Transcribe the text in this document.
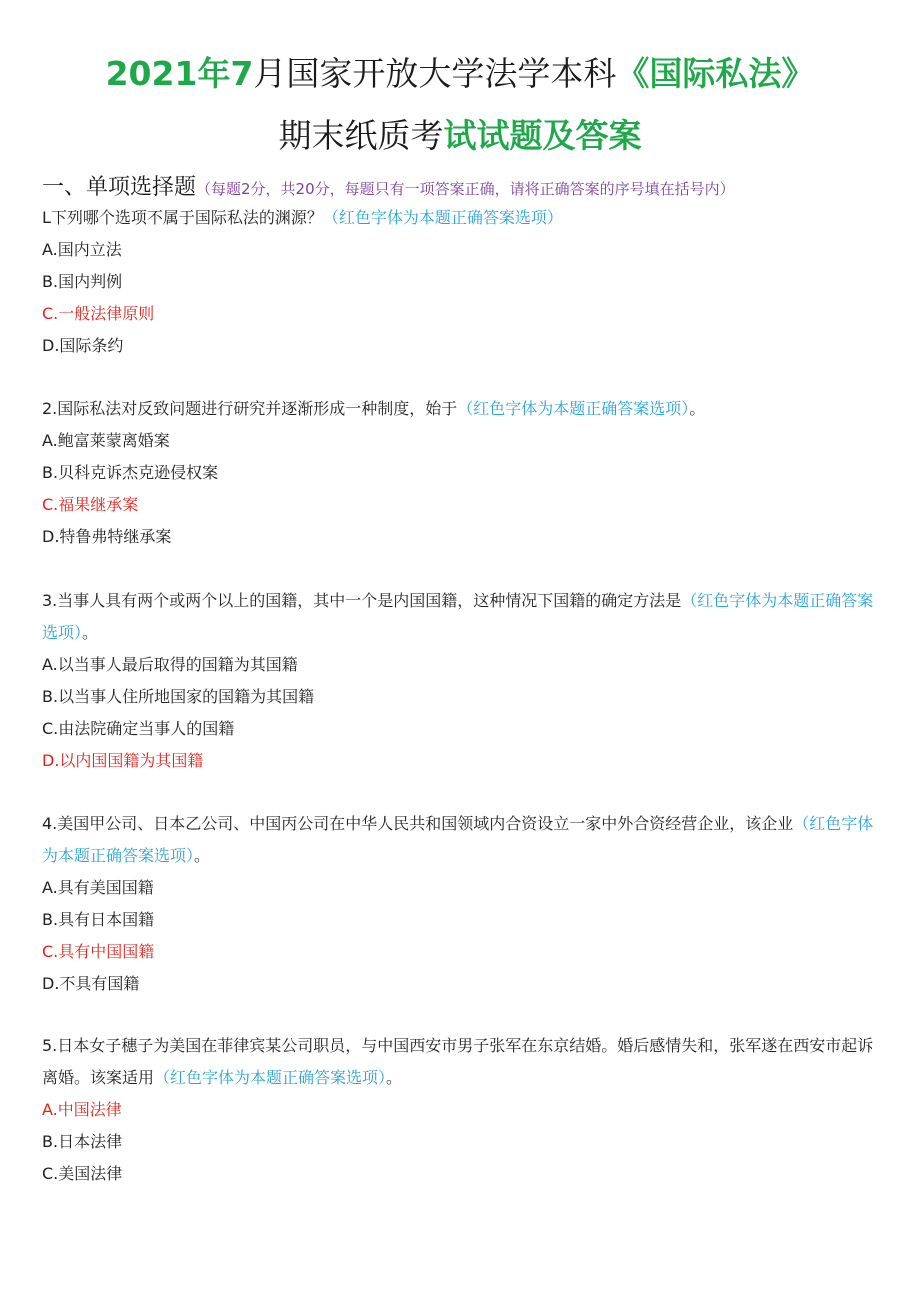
2021年7月国家开放大学法学本科《国际私法》
期末纸质考试试题及答案
一、单项选择题（每题2分，共20分，每题只有一项答案正确，请将正确答案的序号填在括号内）

L下列哪个选项不属于国际私法的渊源？（红色字体为本题正确答案选项）

A.国内立法

B.国内判例

C.一般法律原则

D.国际条约

2.国际私法对反致问题进行研究并逐渐形成一种制度，始于（红色字体为本题正确答案选项）。

A.鲍富莱蒙离婚案

B.贝科克诉杰克逊侵权案

C.福果继承案

D.特鲁弗特继承案

3.当事人具有两个或两个以上的国籍，其中一个是内国国籍，这种情况下国籍的确定方法是（红色字体为本题正确答案选项）。

A.以当事人最后取得的国籍为其国籍

B.以当事人住所地国家的国籍为其国籍

C.由法院确定当事人的国籍

D.以内国国籍为其国籍

4.美国甲公司、日本乙公司、中国丙公司在中华人民共和国领域内合资设立一家中外合资经营企业，该企业（红色字体为本题正确答案选项）。

A.具有美国国籍

B.具有日本国籍

C.具有中国国籍

D.不具有国籍

5.日本女子穗子为美国在菲律宾某公司职员，与中国西安市男子张军在东京结婚。婚后感情失和，张军遂在西安市起诉离婚。该案适用（红色字体为本题正确答案选项）。

A.中国法律

B.日本法律

C.美国法律
